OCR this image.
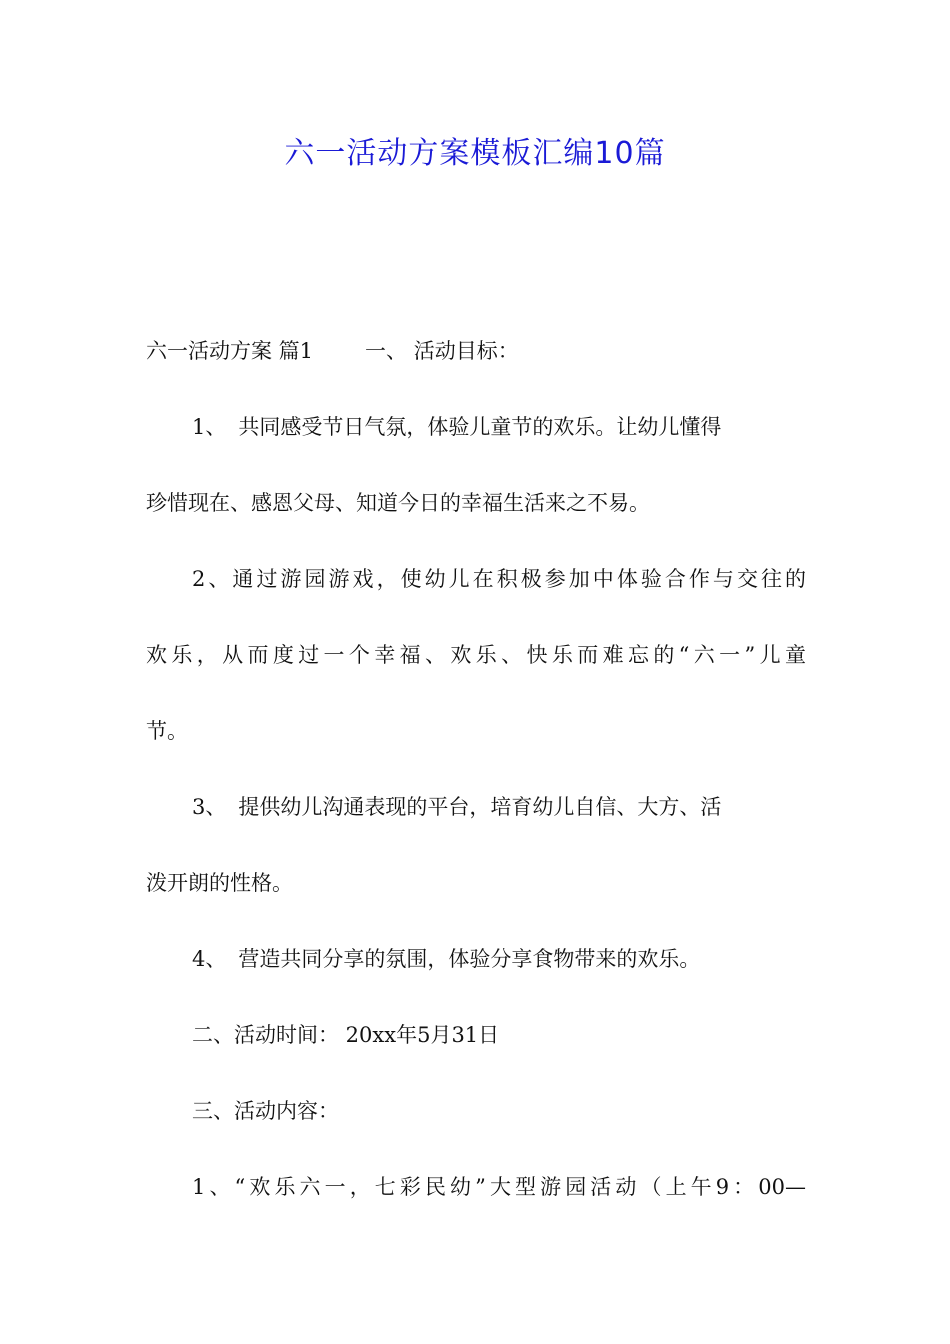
六一活动方案模板汇编10篇
六一活动方案 篇1 一、 活动目标：
1、 共同感受节日气氛，体验儿童节的欢乐。让幼儿懂得
珍惜现在、感恩父母、知道今日的幸福生活来之不易。
2、通过游园游戏，使幼儿在积极参加中体验合作与交往的
欢乐，从而度过一个幸福、欢乐、快乐而难忘的“六一”儿童
节。
3、 提供幼儿沟通表现的平台，培育幼儿自信、大方、活
泼开朗的性格。
4、 营造共同分享的氛围，体验分享食物带来的欢乐。
二、活动时间： 20xx年5月31日
三、活动内容：
1、“欢乐六一，七彩民幼”大型游园活动（上午9：00—
